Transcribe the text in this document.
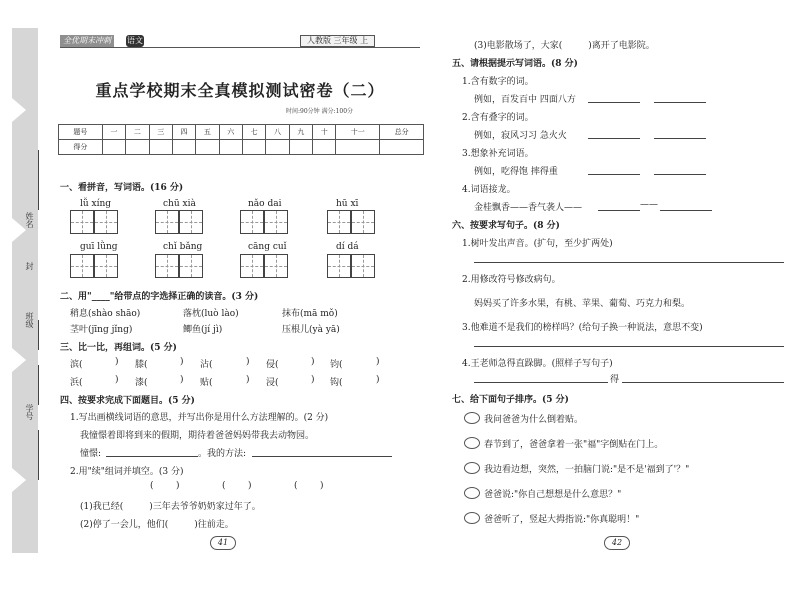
姓名
封
班级
学号
全优期末冲刺	语文	人教版 三年级 上
重点学校期末全真模拟测试密卷（二）
时间:90分钟 满分:100分
题号	一	二	三	四	五	六	七	八	九	十	十一	总分
得分												
一、看拼音，写词语。(16 分)
lǚ xíng	chū xià	nǎo dai	hū xī
guī lǜng	chǐ bǎng	cāng cuǐ	dí dá
二、用"____"给带点的字选择正确的读音。(3 分)
稍息(shào shāo)	落枕(luò lào)	抹布(mā mǒ)
茎叶(jīng jǐng)	鲫鱼(jí jì)	压根儿(yà yā)
三、比一比，再组词。(5 分)
滨(	) 膝(	) 沾(	) 侵(	) 钧(	)
浜(	) 漆(	) 贴(	) 浸(	) 钩(	)
四、按要求完成下面题目。(5 分)
1.写出画横线词语的意思，并写出你是用什么方法理解的。(2 分)
我憧憬着即将到来的假期，期待着爸爸妈妈带我去动物园。
憧憬:	。我的方法:
2.用"续"组词并填空。(3 分)
( )	( )	( )
(1)我已经(	)三年去爷爷奶奶家过年了。
(2)停了一会儿，他们(	)往前走。
41
(3)电影散场了，大家(	)离开了电影院。
五、请根据提示写词语。(8 分)
1.含有数字的词。
例如，百发百中 四面八方
2.含有叠字的词。
例如，寂风习习 急火火
3.想象补充词语。
例如，吃得饱 摔得重
4.词语接龙。
金桂飘香——香气袭人——	——
六、按要求写句子。(8 分)
1.树叶发出声音。(扩句，至少扩两处)
2.用修改符号修改病句。
妈妈买了许多水果，有桃、苹果、葡萄、巧克力和梨。
3.他难道不是我们的榜样吗？(给句子换一种说法，意思不变)
4.王老师急得直跺脚。(照样子写句子)
得
七、给下面句子排序。(5 分)
我问爸爸为什么倒着贴。
春节到了，爸爸拿着一张"福"字倒贴在门上。
我边看边想，突然，一拍脑门说:"是不是'福到了'？"
爸爸说:"你自己想想是什么意思？"
爸爸听了，竖起大拇指说:"你真聪明！"
42
